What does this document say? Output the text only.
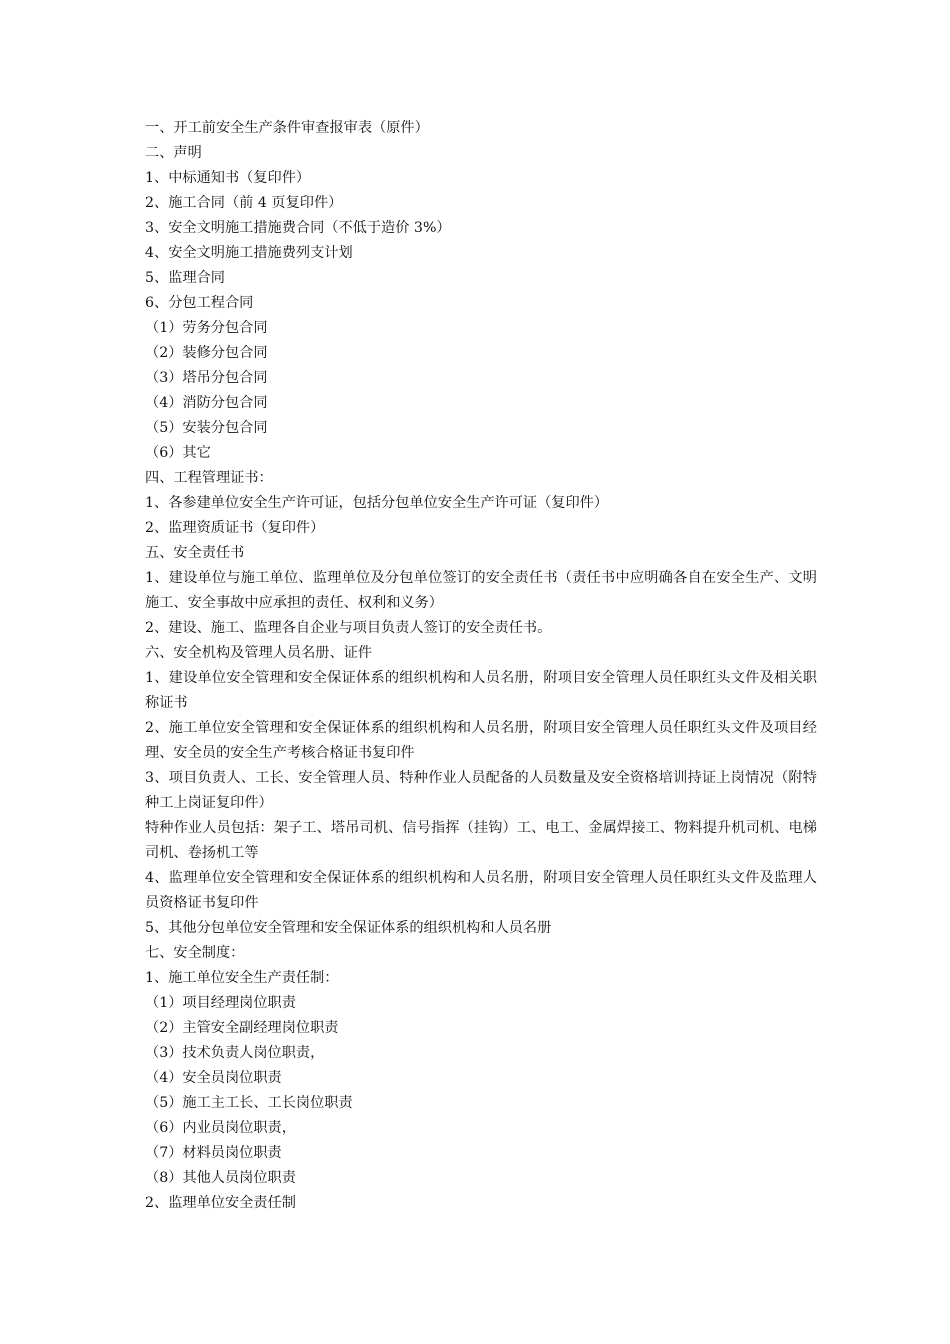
一、开工前安全生产条件审查报审表（原件）

二、声明

1、中标通知书（复印件）

2、施工合同（前 4 页复印件）

3、安全文明施工措施费合同（不低于造价 3%）

4、安全文明施工措施费列支计划

5、监理合同

6、分包工程合同

（1）劳务分包合同

（2）装修分包合同

（3）塔吊分包合同

（4）消防分包合同

（5）安装分包合同

（6）其它

四、工程管理证书：

1、各参建单位安全生产许可证，包括分包单位安全生产许可证（复印件）

2、监理资质证书（复印件）

五、安全责任书

1、建设单位与施工单位、监理单位及分包单位签订的安全责任书（责任书中应明确各自在安全生产、文明施工、安全事故中应承担的责任、权利和义务）

2、建设、施工、监理各自企业与项目负责人签订的安全责任书。

六、安全机构及管理人员名册、证件

1、建设单位安全管理和安全保证体系的组织机构和人员名册，附项目安全管理人员任职红头文件及相关职称证书

2、施工单位安全管理和安全保证体系的组织机构和人员名册，附项目安全管理人员任职红头文件及项目经理、安全员的安全生产考核合格证书复印件

3、项目负责人、工长、安全管理人员、特种作业人员配备的人员数量及安全资格培训持证上岗情况（附特种工上岗证复印件）

特种作业人员包括：架子工、塔吊司机、信号指挥（挂钩）工、电工、金属焊接工、物料提升机司机、电梯司机、卷扬机工等

4、监理单位安全管理和安全保证体系的组织机构和人员名册，附项目安全管理人员任职红头文件及监理人员资格证书复印件

5、其他分包单位安全管理和安全保证体系的组织机构和人员名册

七、安全制度：

1、施工单位安全生产责任制：

（1）项目经理岗位职责

（2）主管安全副经理岗位职责

（3）技术负责人岗位职责，

（4）安全员岗位职责

（5）施工主工长、工长岗位职责

（6）内业员岗位职责，

（7）材料员岗位职责

（8）其他人员岗位职责

2、监理单位安全责任制
